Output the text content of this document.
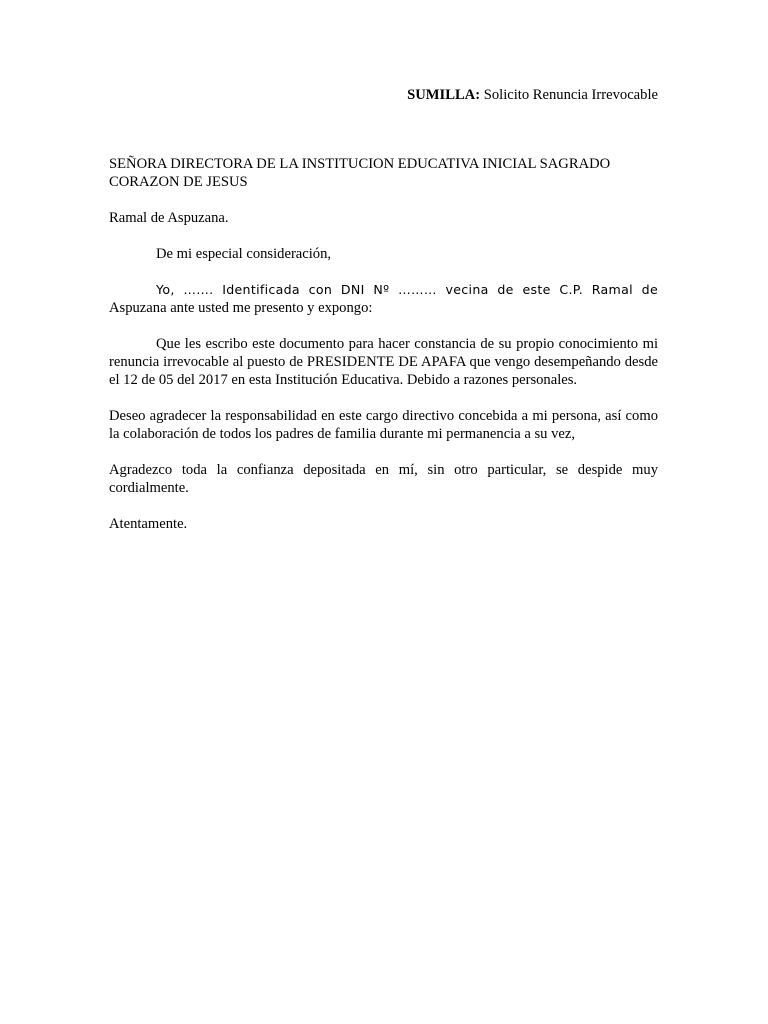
SUMILLA: Solicito Renuncia Irrevocable

SEÑORA DIRECTORA DE LA INSTITUCION EDUCATIVA INICIAL SAGRADO CORAZON DE JESUS

Ramal de Aspuzana.

De mi especial consideración,

Yo, ……. Identificada con DNI Nº ……… vecina de este C.P. Ramal de Aspuzana ante usted me presento y expongo:

Que les escribo este documento para hacer constancia de su propio conocimiento mi renuncia irrevocable al puesto de PRESIDENTE DE APAFA que vengo desempeñando desde el 12 de 05 del 2017 en esta Institución Educativa. Debido a razones personales.

Deseo agradecer la responsabilidad en este cargo directivo concebida a mi persona, así como la colaboración de todos los padres de familia durante mi permanencia a su vez,

Agradezco toda la confianza depositada en mí, sin otro particular, se despide muy cordialmente.

Atentamente.
